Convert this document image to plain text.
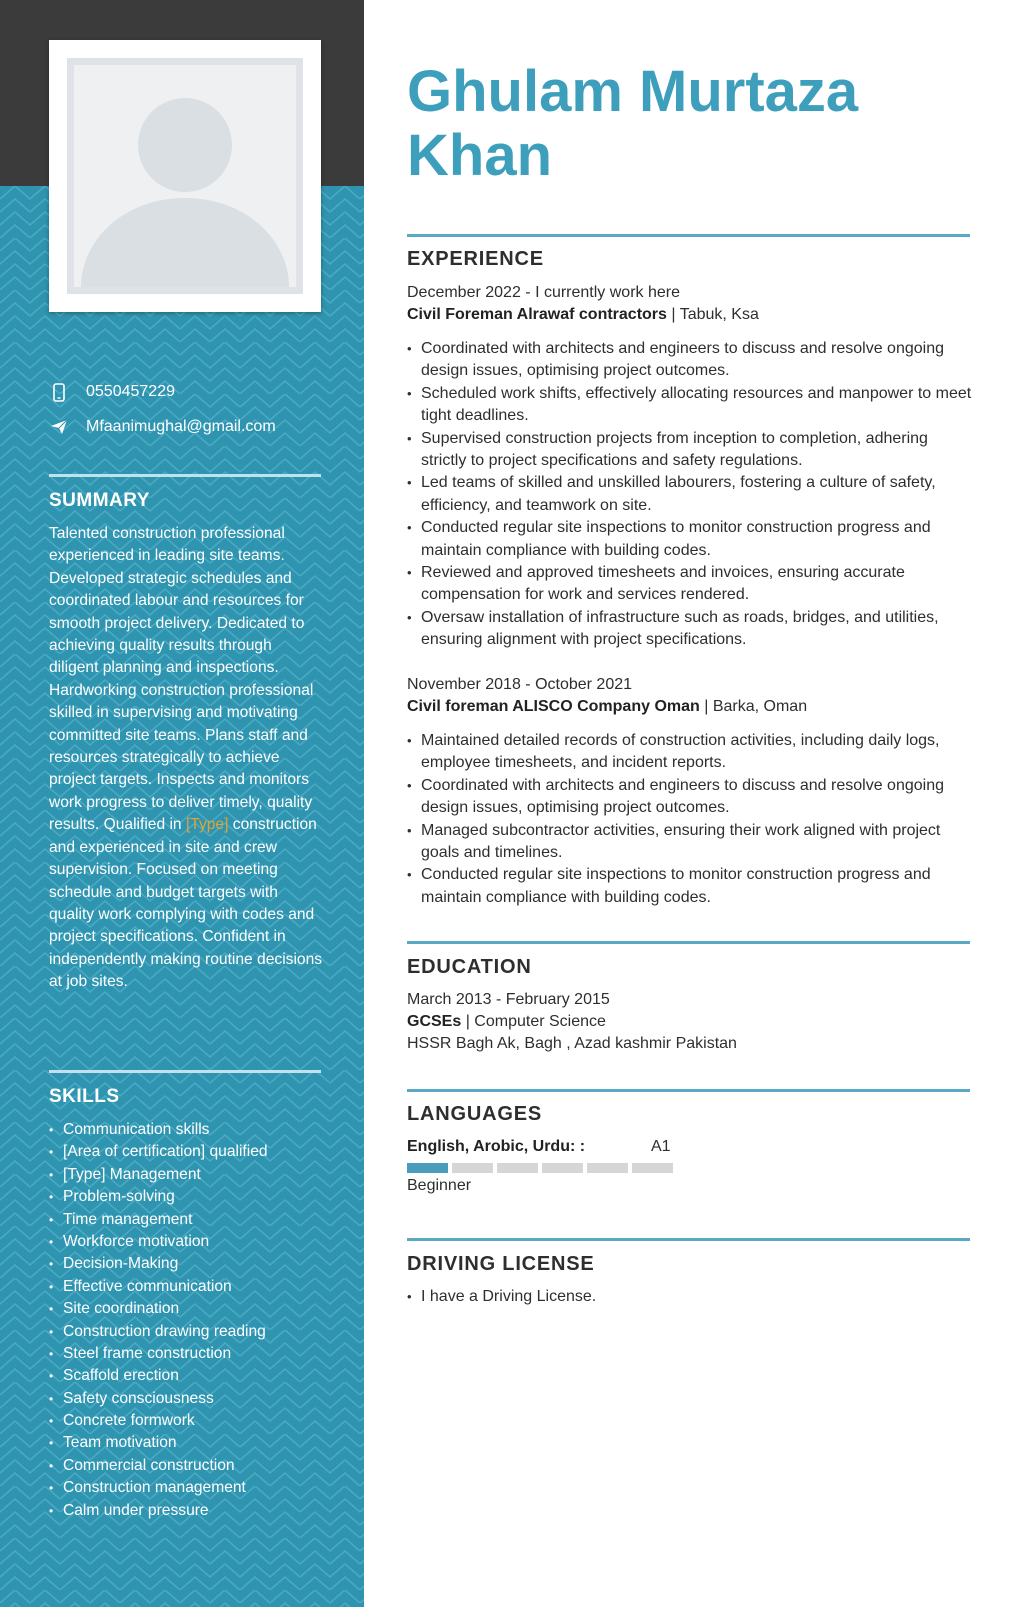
0550457229
Mfaanimughal@gmail.com
SUMMARY
Talented construction professional experienced in leading site teams. Developed strategic schedules and coordinated labour and resources for smooth project delivery. Dedicated to achieving quality results through diligent planning and inspections. Hardworking construction professional skilled in supervising and motivating committed site teams. Plans staff and resources strategically to achieve project targets. Inspects and monitors work progress to deliver timely, quality results. Qualified in [Type] construction and experienced in site and crew supervision. Focused on meeting schedule and budget targets with quality work complying with codes and project specifications. Confident in independently making routine decisions at job sites.
SKILLS
• Communication skills
• [Area of certification] qualified
• [Type] Management
• Problem-solving
• Time management
• Workforce motivation
• Decision-Making
• Effective communication
• Site coordination
• Construction drawing reading
• Steel frame construction
• Scaffold erection
• Safety consciousness
• Concrete formwork
• Team motivation
• Commercial construction
• Construction management
• Calm under pressure
Ghulam Murtaza Khan
EXPERIENCE
December 2022 - I currently work here
Civil Foreman Alrawaf contractors | Tabuk, Ksa
• Coordinated with architects and engineers to discuss and resolve ongoing design issues, optimising project outcomes.
• Scheduled work shifts, effectively allocating resources and manpower to meet tight deadlines.
• Supervised construction projects from inception to completion, adhering strictly to project specifications and safety regulations.
• Led teams of skilled and unskilled labourers, fostering a culture of safety, efficiency, and teamwork on site.
• Conducted regular site inspections to monitor construction progress and maintain compliance with building codes.
• Reviewed and approved timesheets and invoices, ensuring accurate compensation for work and services rendered.
• Oversaw installation of infrastructure such as roads, bridges, and utilities, ensuring alignment with project specifications.
November 2018 - October 2021
Civil foreman ALISCO Company Oman | Barka, Oman
• Maintained detailed records of construction activities, including daily logs, employee timesheets, and incident reports.
• Coordinated with architects and engineers to discuss and resolve ongoing design issues, optimising project outcomes.
• Managed subcontractor activities, ensuring their work aligned with project goals and timelines.
• Conducted regular site inspections to monitor construction progress and maintain compliance with building codes.
EDUCATION
March 2013 - February 2015
GCSEs | Computer Science
HSSR Bagh Ak, Bagh , Azad kashmir Pakistan
LANGUAGES
English, Arobic, Urdu: :	A1
Beginner
DRIVING LICENSE
• I have a Driving License.
